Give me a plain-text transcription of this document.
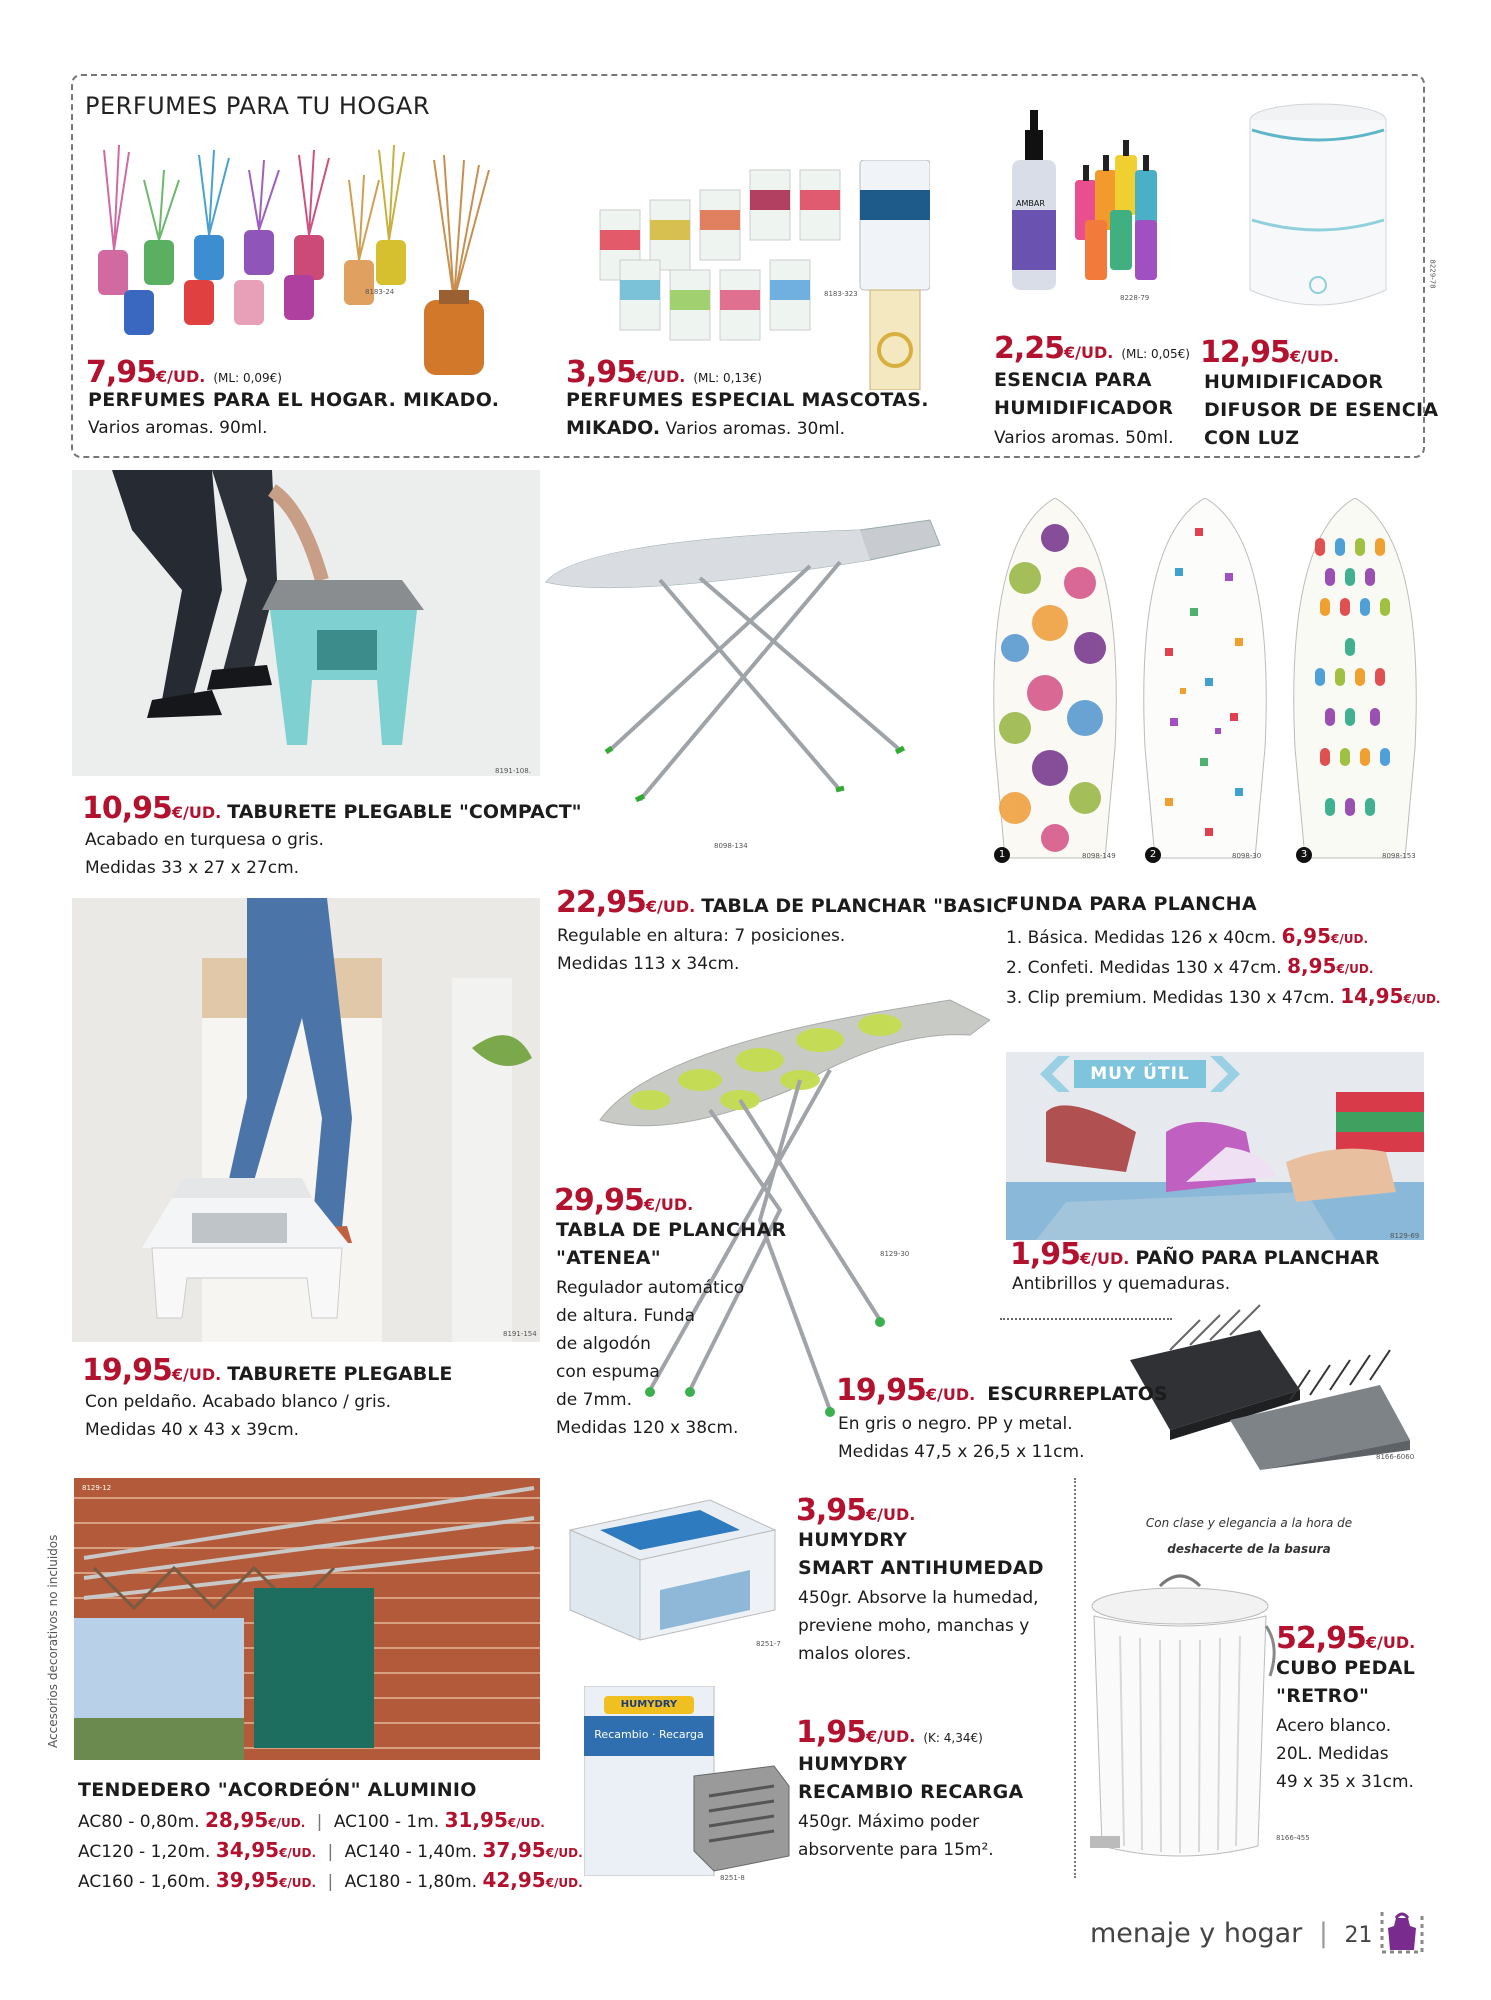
PERFUMES PARA TU HOGAR
8183-24	8183-323
AMBAR
8228-79
8229-78
7,95€/UD. (ML: 0,09€)
PERFUMES PARA EL HOGAR. MIKADO.
Varios aromas. 90ml.
3,95€/UD. (ML: 0,13€)
PERFUMES ESPECIAL MASCOTAS.
MIKADO. Varios aromas. 30ml.
2,25€/UD. (ML: 0,05€)
ESENCIA PARA
HUMIDIFICADOR
Varios aromas. 50ml.
12,95€/UD.
HUMIDIFICADOR
DIFUSOR DE ESENCIA
CON LUZ
8191-108.
10,95€/UD. TABURETE PLEGABLE "COMPACT"
Acabado en turquesa o gris.
Medidas 33 x 27 x 27cm.
8098-134
1	2	3
8098-149	8098-30	8098-153
22,95€/UD. TABLA DE PLANCHAR "BASIC"
Regulable en altura: 7 posiciones.
Medidas 113 x 34cm.
FUNDA PARA PLANCHA
1. Básica. Medidas 126 x 40cm. 6,95€/UD.
2. Confeti. Medidas 130 x 47cm. 8,95€/UD.
3. Clip premium. Medidas 130 x 47cm. 14,95€/UD.
8191-154
19,95€/UD. TABURETE PLEGABLE
Con peldaño. Acabado blanco / gris.
Medidas 40 x 43 x 39cm.
8129-30
29,95€/UD.
TABLA DE PLANCHAR
"ATENEA"
Regulador automático
de altura. Funda
de algodón
con espuma
de 7mm.
Medidas 120 x 38cm.
MUY ÚTIL
8129-69
1,95€/UD. PAÑO PARA PLANCHAR
Antibrillos y quemaduras.
8166-6060
19,95€/UD. ESCURREPLATOS
En gris o negro. PP y metal.
Medidas 47,5 x 26,5 x 11cm.
Accesorios decorativos no incluidos
8129-12
TENDEDERO "ACORDEÓN" ALUMINIO
AC80 - 0,80m. 28,95€/UD. | AC100 - 1m. 31,95€/UD.
AC120 - 1,20m. 34,95€/UD. | AC140 - 1,40m. 37,95€/UD.
AC160 - 1,60m. 39,95€/UD. | AC180 - 1,80m. 42,95€/UD.
8251-7
HUMYDRY
Recambio · Recarga
8251-8
3,95€/UD.
HUMYDRY
SMART ANTIHUMEDAD
450gr. Absorve la humedad,
previene moho, manchas y
malos olores.
1,95€/UD. (K: 4,34€)
HUMYDRY
RECAMBIO RECARGA
450gr. Máximo poder
absorvente para 15m².
Con clase y elegancia a la hora de
deshacerte de la basura
8166-455
52,95€/UD.
CUBO PEDAL
"RETRO"
Acero blanco.
20L. Medidas
49 x 35 x 31cm.
menaje y hogar | 21
